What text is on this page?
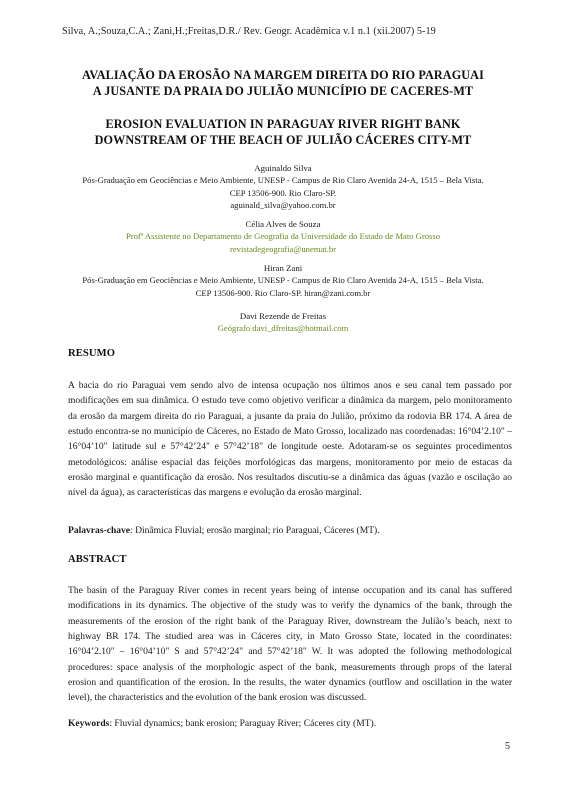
Silva, A.;Souza,C.A.; Zani,H.;Freitas,D.R./ Rev. Geogr. Acadêmica v.1 n.1 (xii.2007) 5-19
AVALIAÇÃO DA EROSÃO NA MARGEM DIREITA DO RIO PARAGUAI
A JUSANTE DA PRAIA DO JULIÃO MUNICÍPIO DE CACERES-MT
EROSION EVALUATION IN PARAGUAY RIVER RIGHT BANK
DOWNSTREAM OF THE BEACH OF JULIÃO CÁCERES CITY-MT
Aguinaldo Silva
Pós-Graduação em Geociências e Meio Ambiente, UNESP - Campus de Rio Claro Avenida 24-A, 1515 – Bela Vista.
CEP 13506-900. Rio Claro-SP.
aguinald_silva@yahoo.com.br
Célia Alves de Souza
Profª Assistente no Departamento de Geografia da Universidade do Estado de Mato Grosso
revistadegeografia@unemat.br
Hiran Zani
Pós-Graduação em Geociências e Meio Ambiente, UNESP - Campus de Rio Claro Avenida 24-A, 1515 – Bela Vista.
CEP 13506-900. Rio Claro-SP. hiran@zani.com.br
Davi Rezende de Freitas
Geógrafo davi_dfreitas@hotmail.com
RESUMO
A bacia do rio Paraguai vem sendo alvo de intensa ocupação nos últimos anos e seu canal tem passado por modificações em sua dinâmica. O estudo teve como objetivo verificar a dinâmica da margem, pelo monitoramento da erosão da margem direita do rio Paraguai, a jusante da praia do Julião, próximo da rodovia BR 174. A área de estudo encontra-se no município de Cáceres, no Estado de Mato Grosso, localizado nas coordenadas: 16°04’2.10" – 16°04’10" latitude sul e 57°42’24" e 57°42’18" de longitude oeste. Adotaram-se os seguintes procedimentos metodológicos: análise espacial das feições morfológicas das margens, monitoramento por meio de estacas da erosão marginal e quantificação da erosão. Nos resultados discutiu-se a dinâmica das águas (vazão e oscilação ao nível da água), as características das margens e evolução da erosão marginal.
Palavras-chave: Dinâmica Fluvial; erosão marginal; rio Paraguai, Cáceres (MT).
ABSTRACT
The basin of the Paraguay River comes in recent years being of intense occupation and its canal has suffered modifications in its dynamics. The objective of the study was to verify the dynamics of the bank, through the measurements of the erosion of the right bank of the Paraguay River, downstream the Julião’s beach, next to highway BR 174. The studied area was in Cáceres city, in Mato Grosso State, located in the coordinates: 16°04’2.10" – 16°04’10" S and 57°42’24" and 57°42’18" W. It was adopted the following methodological procedures: space analysis of the morphologic aspect of the bank, measurements through props of the lateral erosion and quantification of the erosion. In the results, the water dynamics (outflow and oscillation in the water level), the characteristics and the evolution of the bank erosion was discussed.
Keywords: Fluvial dynamics; bank erosion; Paraguay River; Cáceres city (MT).
5
